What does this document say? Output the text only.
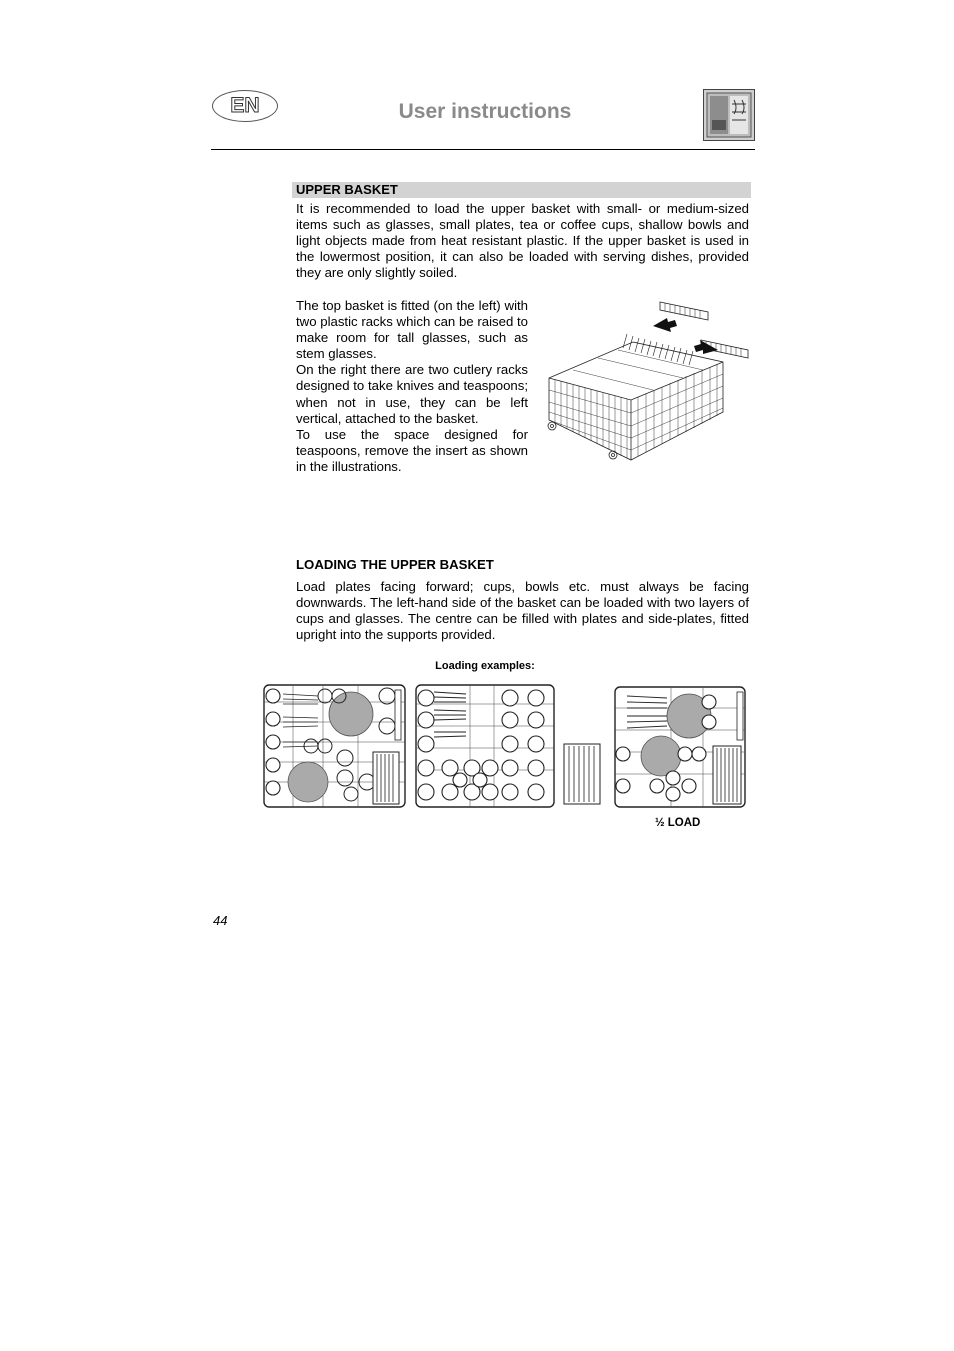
EN	User instructions
UPPER BASKET
It is recommended to load the upper basket with small- or medium-sized items such as glasses, small plates, tea or coffee cups, shallow bowls and light objects made from heat resistant plastic. If the upper basket is used in the lowermost position, it can also be loaded with serving dishes, provided they are only slightly soiled.
The top basket is fitted (on the left) with two plastic racks which can be raised to make room for tall glasses, such as stem glasses.
On the right there are two cutlery racks designed to take knives and teaspoons; when not in use, they can be left vertical, attached to the basket.
To use the space designed for teaspoons, remove the insert as shown in the illustrations.
LOADING THE UPPER BASKET
Load plates facing forward; cups, bowls etc. must always be facing downwards. The left-hand side of the basket can be loaded with two layers of cups and glasses. The centre can be filled with plates and side-plates, fitted upright into the supports provided.
Loading examples:
½ LOAD
44
